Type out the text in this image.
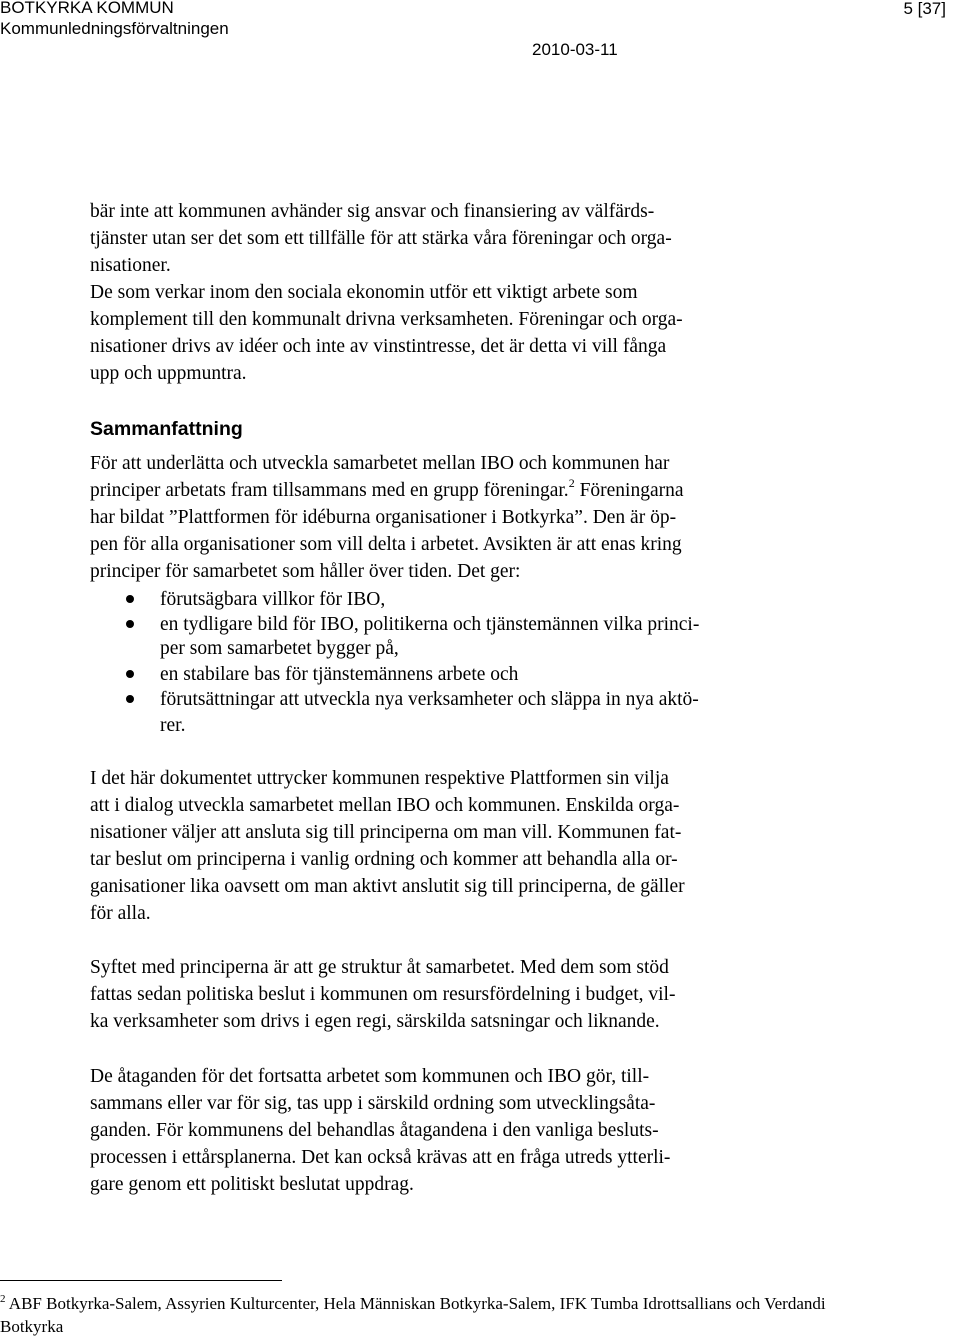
BOTKYRKA KOMMUN
Kommunledningsförvaltningen
2010-03-11
5 [37]
bär inte att kommunen avhänder sig ansvar och finansiering av välfärds-
tjänster utan ser det som ett tillfälle för att stärka våra föreningar och orga-
nisationer.
De som verkar inom den sociala ekonomin utför ett viktigt arbete som
komplement till den kommunalt drivna verksamheten. Föreningar och orga-
nisationer drivs av idéer och inte av vinstintresse, det är detta vi vill fånga
upp och uppmuntra.
Sammanfattning
För att underlätta och utveckla samarbetet mellan IBO och kommunen har
principer arbetats fram tillsammans med en grupp föreningar.$^2$ Föreningarna
har bildat ”Plattformen för idéburna organisationer i Botkyrka”. Den är öp-
pen för alla organisationer som vill delta i arbetet. Avsikten är att enas kring
principer för samarbetet som håller över tiden. Det ger:
förutsägbara villkor för IBO,
en tydligare bild för IBO, politikerna och tjänstemännen vilka princi-
per som samarbetet bygger på,
en stabilare bas för tjänstemännens arbete och
förutsättningar att utveckla nya verksamheter och släppa in nya aktö-
rer.
I det här dokumentet uttrycker kommunen respektive Plattformen sin vilja
att i dialog utveckla samarbetet mellan IBO och kommunen. Enskilda orga-
nisationer väljer att ansluta sig till principerna om man vill. Kommunen fat-
tar beslut om principerna i vanlig ordning och kommer att behandla alla or-
ganisationer lika oavsett om man aktivt anslutit sig till principerna, de gäller
för alla.
Syftet med principerna är att ge struktur åt samarbetet. Med dem som stöd
fattas sedan politiska beslut i kommunen om resursfördelning i budget, vil-
ka verksamheter som drivs i egen regi, särskilda satsningar och liknande.
De åtaganden för det fortsatta arbetet som kommunen och IBO gör, till-
sammans eller var för sig, tas upp i särskild ordning som utvecklingsåta-
ganden. För kommunens del behandlas åtagandena i den vanliga besluts-
processen i ettårsplanerna. Det kan också krävas att en fråga utreds ytterli-
gare genom ett politiskt beslutat uppdrag.
$^2$ ABF Botkyrka-Salem, Assyrien Kulturcenter, Hela Människan Botkyrka-Salem, IFK Tumba Idrottsallians och Verdandi
Botkyrka
